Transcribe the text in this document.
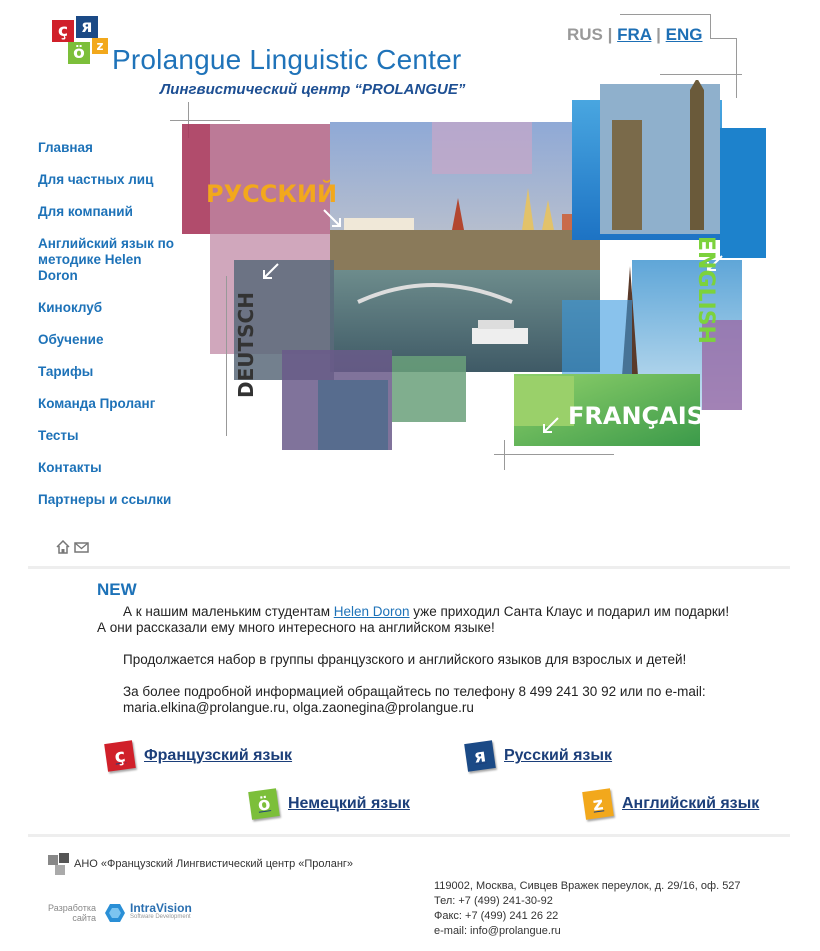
ç я
ö z Prolangue Linguistic Center
Лингвистический центр “PROLANGUE”
RUS | FRA | ENG
Главная
Для частных лиц
Для компаний
Английский язык по методике Helen Doron
Киноклуб
Обучение
Тарифы
Команда Проланг
Тесты
Контакты
Партнеры и ссылки
РУССКИЙ
ENGLISH
DEUTSCH
FRANÇAIS
NEW

А к нашим маленьким студентам Helen Doron уже приходил Санта Клаус и подарил им подарки!
А они рассказали ему много интересного на английском языке!

Продолжается набор в группы французского и английского языков для взрослых и детей!

За более подробной информацией обращайтесь по телефону 8 499 241 30 92 или по e-mail:
maria.elkina@prolangue.ru, olga.zaonegina@prolangue.ru

ç	Французский язык	я	Русский язык
ö	Немецкий язык	z	Английский язык
АНО «Французский Лингвистический центр «Проланг»
Разработка
сайта
IntraVision
Software Development
119002, Москва, Сивцев Вражек переулок, д. 29/16, оф. 527
Тел: +7 (499) 241-30-92
Факс: +7 (499) 241 26 22
e-mail: info@prolangue.ru
